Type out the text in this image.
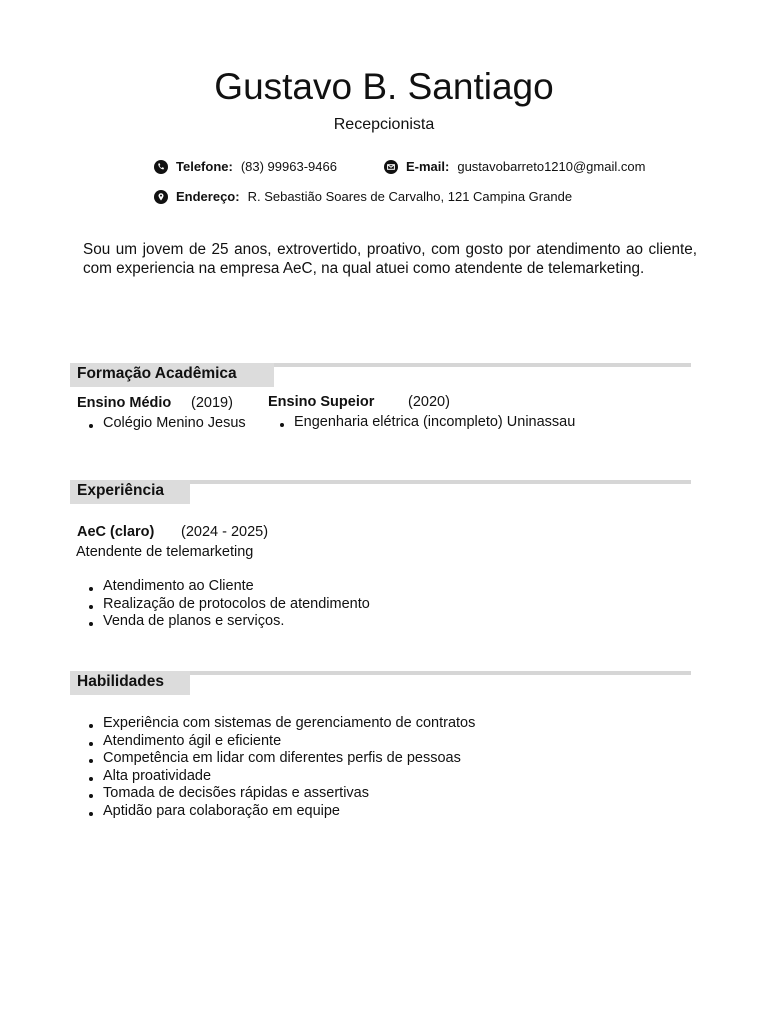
Gustavo B. Santiago
Recepcionista
Telefone: (83) 99963-9466	E-mail: gustavobarreto1210@gmail.com
Endereço: R. Sebastião Soares de Carvalho, 121 Campina Grande
Sou um jovem de 25 anos, extrovertido, proativo, com gosto por atendimento ao cliente, com experiencia na empresa AeC, na qual atuei como atendente de telemarketing.
Formação Acadêmica
Ensino Médio (2019)
Colégio Menino Jesus
Ensino Supeior (2020)
Engenharia elétrica (incompleto) Uninassau
Experiência
AeC (claro) (2024 - 2025)
Atendente de telemarketing
Atendimento ao Cliente
Realização de protocolos de atendimento
Venda de planos e serviços.
Habilidades
Experiência com sistemas de gerenciamento de contratos
Atendimento ágil e eficiente
Competência em lidar com diferentes perfis de pessoas
Alta proatividade
Tomada de decisões rápidas e assertivas
Aptidão para colaboração em equipe
